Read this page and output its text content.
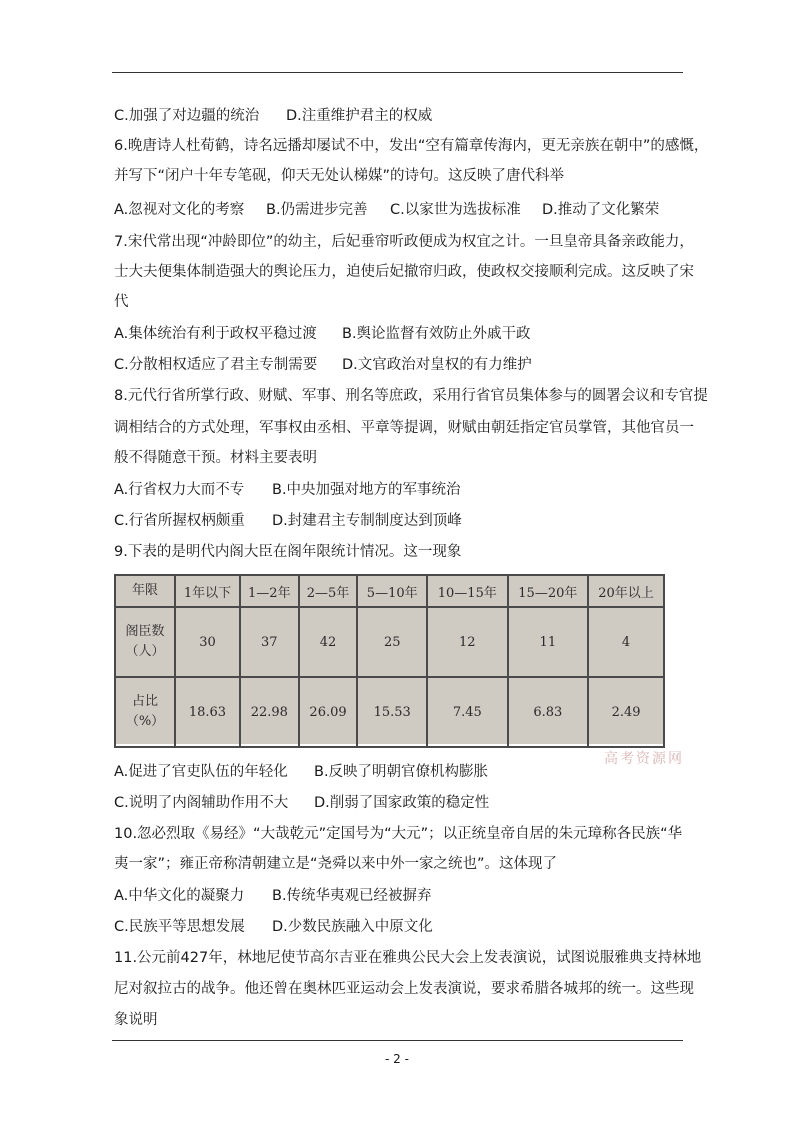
C.加强了对边疆的统治 D.注重维护君主的权威
6.晚唐诗人杜荀鹤，诗名远播却屡试不中，发出“空有篇章传海内，更无亲族在朝中”的感慨，
并写下“闭户十年专笔砚，仰天无处认梯媒”的诗句。这反映了唐代科举
A.忽视对文化的考察 B.仍需进步完善 C.以家世为选拔标准 D.推动了文化繁荣
7.宋代常出现“冲龄即位”的幼主，后妃垂帘听政便成为权宜之计。一旦皇帝具备亲政能力，
士大夫便集体制造强大的舆论压力，迫使后妃撤帘归政，使政权交接顺利完成。这反映了宋
代
A.集体统治有利于政权平稳过渡 B.舆论监督有效防止外戚干政
C.分散相权适应了君主专制需要 D.文官政治对皇权的有力维护
8.元代行省所掌行政、财赋、军事、刑名等庶政，采用行省官员集体参与的圆署会议和专官提
调相结合的方式处理，军事权由丞相、平章等提调，财赋由朝廷指定官员掌管，其他官员一
般不得随意干预。材料主要表明
A.行省权力大而不专 B.中央加强对地方的军事统治
C.行省所握权柄颇重 D.封建君主专制制度达到顶峰
9.下表的是明代内阁大臣在阁年限统计情况。这一现象
年限	1年以下	1—2年	2—5年	5—10年	10—15年	15—20年	20年以上

阁臣数
（人）	30	37	42	25	12	11	4

占比
（%）	18.63	22.98	26.09	15.53	7.45	6.83	2.49
高考资源网
A.促进了官吏队伍的年轻化 B.反映了明朝官僚机构膨胀
C.说明了内阁辅助作用不大 D.削弱了国家政策的稳定性
10.忽必烈取《易经》“大哉乾元”定国号为“大元”；以正统皇帝自居的朱元璋称各民族“华
夷一家”；雍正帝称清朝建立是“尧舜以来中外一家之统也”。这体现了
A.中华文化的凝聚力 B.传统华夷观已经被摒弃
C.民族平等思想发展 D.少数民族融入中原文化
11.公元前427年，林地尼使节高尔吉亚在雅典公民大会上发表演说，试图说服雅典支持林地
尼对叙拉古的战争。他还曾在奥林匹亚运动会上发表演说，要求希腊各城邦的统一。这些现
象说明
- 2 -
